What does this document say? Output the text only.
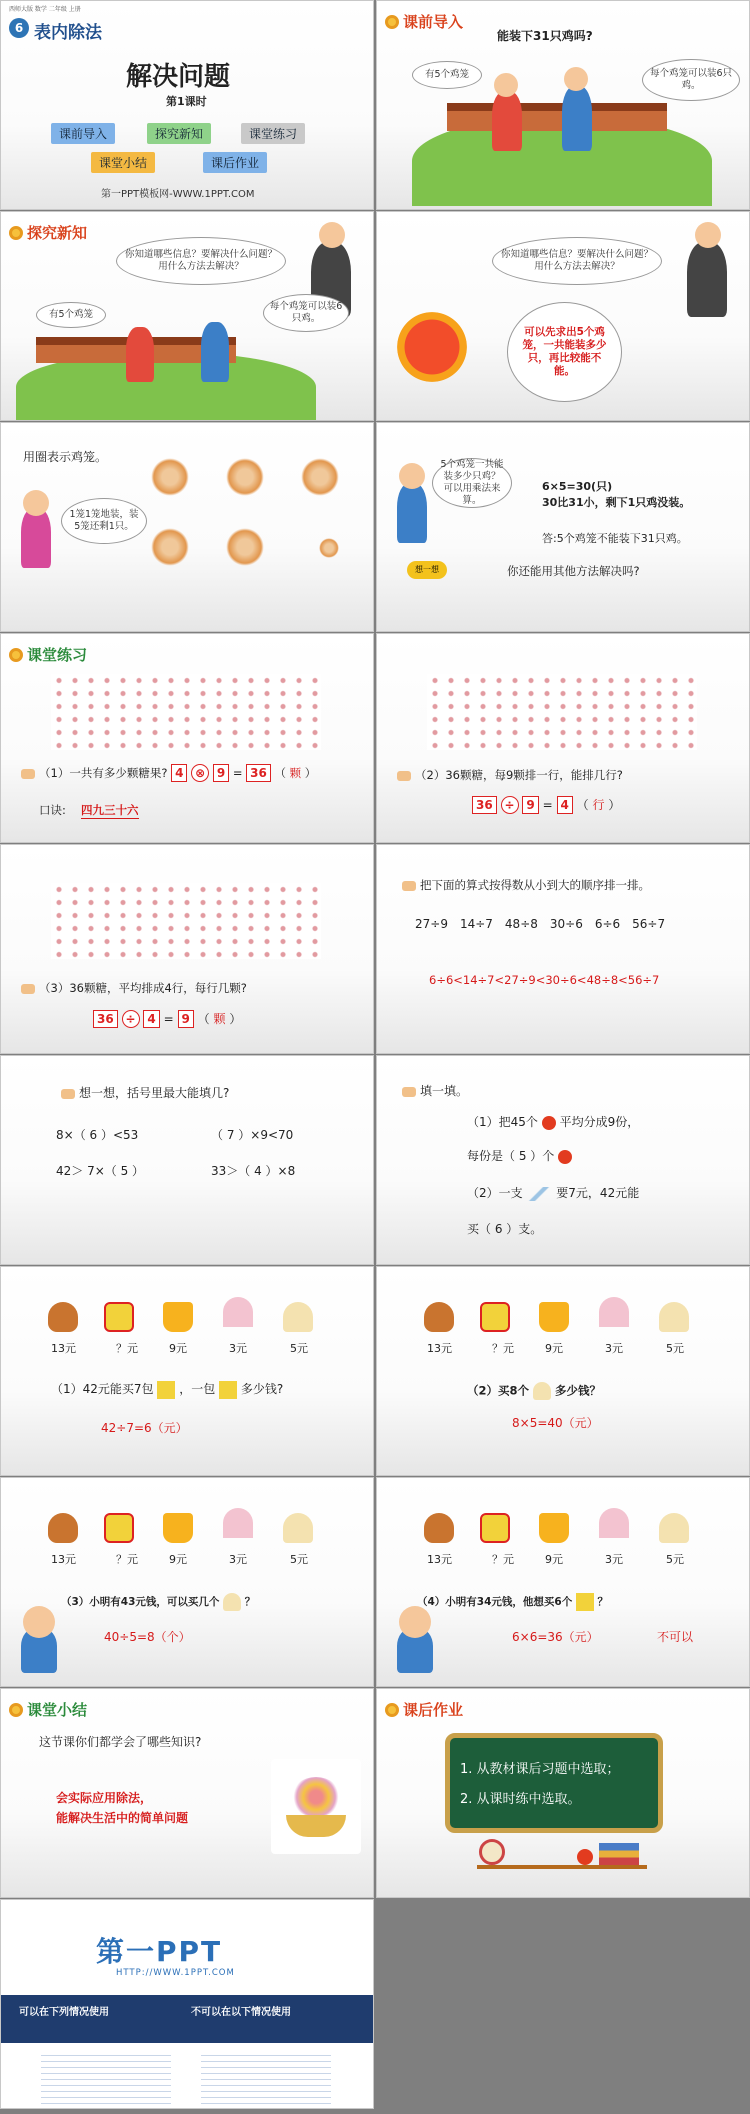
西师大版 数学 二年级 上册
6 表内除法
解决问题
第1课时
课前导入	探究新知	课堂练习
课堂小结	课后作业
第一PPT模板网-WWW.1PPT.COM
课前导入
能装下31只鸡吗?
有5个鸡笼	每个鸡笼可以装6只鸡。
探究新知
你知道哪些信息？要解决什么问题？用什么方法去解决？
有5个鸡笼
每个鸡笼可以装6只鸡。
你知道哪些信息？要解决什么问题？用什么方法去解决？
可以先求出5个鸡笼，一共能装多少只，再比较能不能。
用圈表示鸡笼。
1笼1笼地装，装5笼还剩1只。
5个鸡笼一共能装多少只鸡？可以用乘法来算。
6×5=30(只)
30比31小，剩下1只鸡没装。
答:5个鸡笼不能装下31只鸡。
想一想	你还能用其他方法解决吗?
课堂练习
（1）一共有多少颗糖果? 4 ⊗ 9 = 36 （ 颗 ）
口诀: 四九三十六
（2）36颗糖，每9颗排一行，能排几行?
36 ÷ 9 = 4 （ 行 ）
（3）36颗糖，平均排成4行，每行几颗?
36 ÷ 4 = 9 （ 颗 ）
把下面的算式按得数从小到大的顺序排一排。
27÷9　14÷7　48÷8　30÷6　6÷6　56÷7
6÷6<14÷7<27÷9<30÷6<48÷8<56÷7
想一想，括号里最大能填几?
8×（ 6 ）<53	（ 7 ）×9<70
42＞ 7×（ 5 ）	33＞（ 4 ）×8
填一填。
（1）把45个 平均分成9份，
每份是（ 5 ）个
（2）一支	要7元，42元能
买（ 6 ）支。
13元	？元	9元	3元	5元
（1）42元能买7包 ，一包 多少钱?
42÷7=6（元）
13元	？元	9元	3元	5元
（2）买8个 多少钱？
8×5=40（元）
13元	？元	9元	3元	5元
（3）小明有43元钱，可以买几个 ？
40÷5=8（个）
13元	？元	9元	3元	5元
（4）小明有34元钱，他想买6个 ？
6×6=36（元）	不可以
课堂小结
这节课你们都学会了哪些知识?
会实际应用除法，
能解决生活中的简单问题
课后作业
1. 从教材课后习题中选取；
2. 从课时练中选取。
第一PPT
HTTP://WWW.1PPT.COM
可以在下列情况使用	不可以在以下情况使用
